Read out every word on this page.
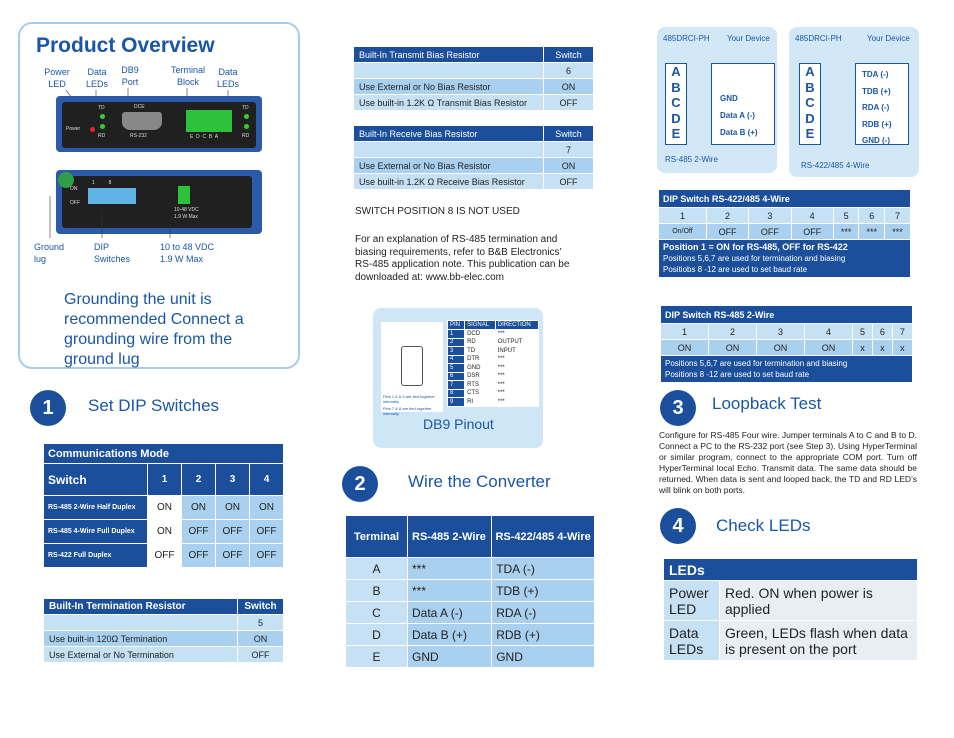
Product Overview
Power LED
Data LEDs
DB9 Port
Terminal Block
Data LEDs
TD
RD
Power
DCE
RS-232	E  D  C  B  A
TD
RD
ON
OFF
1          8
10-48 VDC
1.9 W Max
Ground lug
DIP Switches
10 to 48 VDC 1.9 W Max
Grounding the unit is recommended Connect a grounding wire from the ground lug
1	Set DIP Switches
Communications Mode				
Switch	1	2	3	4
RS-485 2-Wire Half Duplex	ON	ON	ON	ON
RS-485 4-Wire Full Duplex	ON	OFF	OFF	OFF
RS-422 Full Duplex	OFF	OFF	OFF	OFF
Built-In Termination Resistor	Switch
	5
Use built-in 120Ω Termination	ON
Use External or No Termination	OFF
Built-In Transmit Bias Resistor	Switch
	6
Use External or No Bias Resistor	ON
Use built-in 1.2K Ω Transmit Bias Resistor	OFF
Built-In Receive Bias Resistor	Switch
	7
Use External or No Bias Resistor	ON
Use built-in 1.2K Ω Receive Bias Resistor	OFF
SWITCH POSITION 8 IS NOT USED
For an explanation of RS-485 termination and biasing requirements, refer to B&B Electronics’ RS-485 application note. This publication can be downloaded at: www.bb-elec.com
Pins 1,4 & 6 are tied together internally
Pins 7 & 8 are tied together internally
PIN	SIGNAL	DIRECTION
1	DCD	***
2	RD	OUTPUT
3	TD	INPUT
4	DTR	***
5	GND	***
6	DSR	***
7	RTS	***
8	CTS	***
9	RI	***
DB9 Pinout
2	Wire the Converter
Terminal	RS-485 2-Wire	RS-422/485 4-Wire
A	***	TDA (-)
B	***	TDB (+)
C	Data A (-)	RDA (-)
D	Data B (+)	RDB (+)
E	GND	GND
485DRCI-PH Your Device
A
B
C
D
E
GND
Data A (-)
Data B (+)
RS-485 2-Wire
485DRCI-PH	Your Device
A
B
C
D
E
TDA (-)
TDB (+)
RDA (-)
RDB (+)
GND (-)
RS-422/485 4-Wire
DIP Switch RS-422/485 4-Wire						
1	2	3	4	5	6	7
On/Off	OFF	OFF	OFF	***	***	***

Position 1 = ON for RS-485, OFF for RS-422
Positions 5,6,7 are used for termination and biasing
Positiobs 8 -12 are used to set baud rate						
DIP Switch RS-485 2-Wire						
1	2	3	4	5	6	7
ON	ON	ON	ON	x	x	x

Positions 5,6,7 are used for termination and biasing
Positions 8 -12 are used to set baud rate						
3	Loopback Test
Configure for RS-485 Four wire. Jumper terminals A to C and B to D. Connect a PC to the RS-232 port (see Step 3). Using HyperTerminal or similar program, connect to the appropriate COM port. Turn off HyperTerminal local Echo. Transmit data. The same data should be returned. When data is sent and looped back, the TD and RD LED’s will blink on both ports.
4	Check LEDs
LEDs	
Power LED	Red. ON when power is applied
Data LEDs	Green, LEDs flash when data is present on the port
